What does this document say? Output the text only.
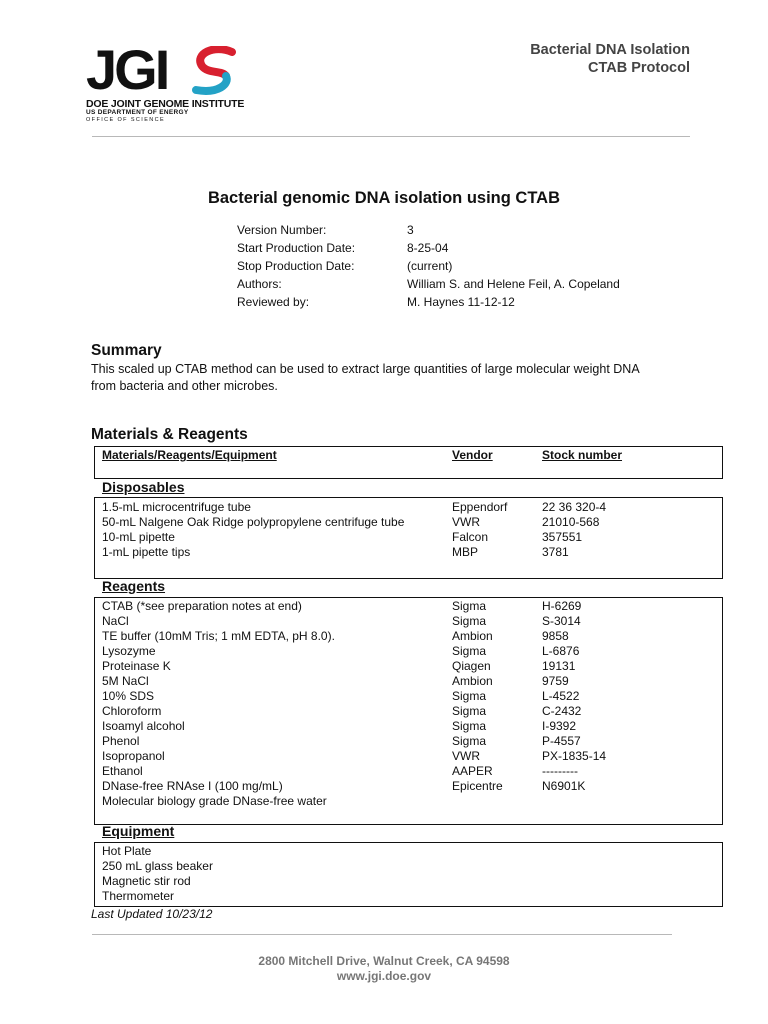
JGI
DOE JOINT GENOME INSTITUTE
US DEPARTMENT OF ENERGY
OFFICE OF SCIENCE
Bacterial DNA Isolation
CTAB Protocol
Bacterial genomic DNA isolation using CTAB
Version Number:	3
Start Production Date:	8-25-04
Stop Production Date:	(current)
Authors:	William S. and Helene Feil, A. Copeland
Reviewed by:	M. Haynes 11-12-12
Summary
This scaled up CTAB method can be used to extract large quantities of large molecular weight DNA
from bacteria and other microbes.
Materials & Reagents
Materials/Reagents/Equipment	Vendor	Stock number
Disposables
1.5-mL microcentrifuge tube	Eppendorf	22 36 320-4
50-mL Nalgene Oak Ridge polypropylene centrifuge tube	VWR	21010-568
10-mL pipette	Falcon	357551
1-mL pipette tips	MBP	3781
Reagents
CTAB (*see preparation notes at end)	Sigma	H-6269
NaCl	Sigma	S-3014
TE buffer (10mM Tris; 1 mM EDTA, pH 8.0).	Ambion	9858
Lysozyme	Sigma	L-6876
Proteinase K	Qiagen	19131
5M NaCl	Ambion	9759
10% SDS	Sigma	L-4522
Chloroform	Sigma	C-2432
Isoamyl alcohol	Sigma	I-9392
Phenol	Sigma	P-4557
Isopropanol	VWR	PX-1835-14
Ethanol	AAPER	---------
DNase-free RNAse I (100 mg/mL)	Epicentre	N6901K
Molecular biology grade DNase-free water
Equipment
Hot Plate
250 mL glass beaker
Magnetic stir rod
Thermometer
Last Updated 10/23/12
2800 Mitchell Drive, Walnut Creek, CA 94598
www.jgi.doe.gov
